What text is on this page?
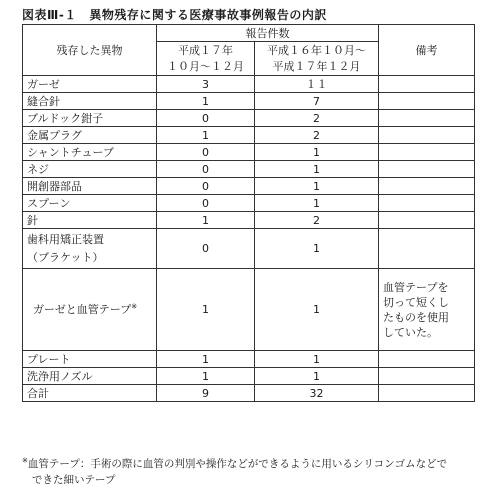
図表Ⅲ-１　異物残存に関する医療事故事例報告の内訳
残存した異物	報告件数		備考
	平成１７年	平成１６年１０月～	
	１０月～１２月	平成１７年１２月	
ガーゼ	3	１１	
縫合針	1	7	
ブルドック鉗子	0	2	
金属プラグ	1	2	
シャントチューブ	0	1	
ネジ	0	1	
開創器部品	0	1	
スプーン	0	1	
針	1	2	

歯科用矯正装置
（ブラケット）	0	1	
ガーゼと血管テープ※	1	1	血管テープを
切って短くし
たものを使用
していた。

プレート	1	1	
洗浄用ノズル	1	1	
合計	9	32	
※血管テープ：手術の際に血管の判別や操作などができるように用いるシリコンゴムなどで
できた細いテープ
